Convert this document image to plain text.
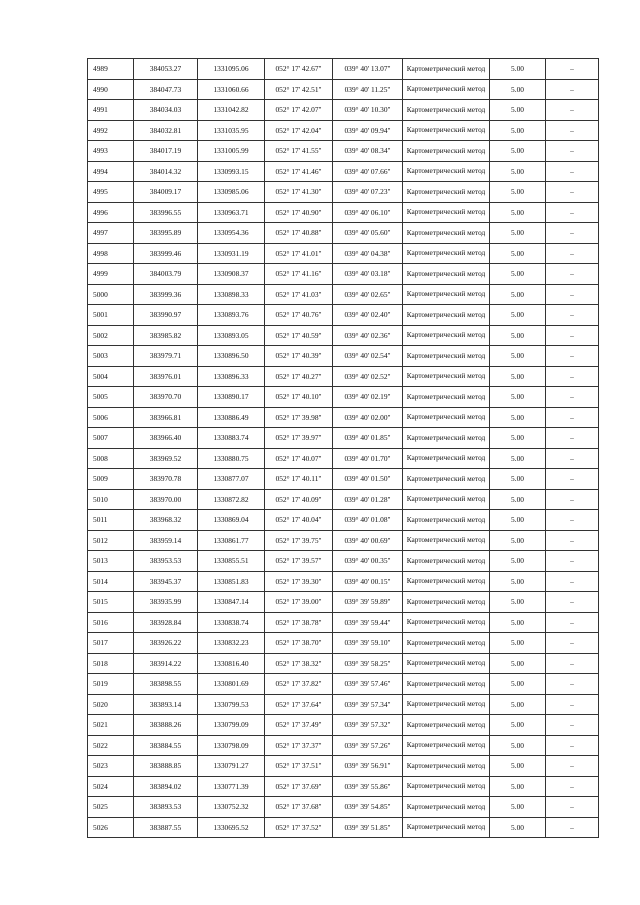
4989	384053.27	1331095.06	052° 17' 42.67"	039° 40' 13.07"	Картометрический метод	5.00	–
4990	384047.73	1331060.66	052° 17' 42.51"	039° 40' 11.25"	Картометрический метод	5.00	–
4991	384034.03	1331042.82	052° 17' 42.07"	039° 40' 10.30"	Картометрический метод	5.00	–
4992	384032.81	1331035.95	052° 17' 42.04"	039° 40' 09.94"	Картометрический метод	5.00	–
4993	384017.19	1331005.99	052° 17' 41.55"	039° 40' 08.34"	Картометрический метод	5.00	–
4994	384014.32	1330993.15	052° 17' 41.46"	039° 40' 07.66"	Картометрический метод	5.00	–
4995	384009.17	1330985.06	052° 17' 41.30"	039° 40' 07.23"	Картометрический метод	5.00	–
4996	383996.55	1330963.71	052° 17' 40.90"	039° 40' 06.10"	Картометрический метод	5.00	–
4997	383995.89	1330954.36	052° 17' 40.88"	039° 40' 05.60"	Картометрический метод	5.00	–
4998	383999.46	1330931.19	052° 17' 41.01"	039° 40' 04.38"	Картометрический метод	5.00	–
4999	384003.79	1330908.37	052° 17' 41.16"	039° 40' 03.18"	Картометрический метод	5.00	–
5000	383999.36	1330898.33	052° 17' 41.03"	039° 40' 02.65"	Картометрический метод	5.00	–
5001	383990.97	1330893.76	052° 17' 40.76"	039° 40' 02.40"	Картометрический метод	5.00	–
5002	383985.82	1330893.05	052° 17' 40.59"	039° 40' 02.36"	Картометрический метод	5.00	–
5003	383979.71	1330896.50	052° 17' 40.39"	039° 40' 02.54"	Картометрический метод	5.00	–
5004	383976.01	1330896.33	052° 17' 40.27"	039° 40' 02.52"	Картометрический метод	5.00	–
5005	383970.70	1330890.17	052° 17' 40.10"	039° 40' 02.19"	Картометрический метод	5.00	–
5006	383966.81	1330886.49	052° 17' 39.98"	039° 40' 02.00"	Картометрический метод	5.00	–
5007	383966.40	1330883.74	052° 17' 39.97"	039° 40' 01.85"	Картометрический метод	5.00	–
5008	383969.52	1330880.75	052° 17' 40.07"	039° 40' 01.70"	Картометрический метод	5.00	–
5009	383970.78	1330877.07	052° 17' 40.11"	039° 40' 01.50"	Картометрический метод	5.00	–
5010	383970.00	1330872.82	052° 17' 40.09"	039° 40' 01.28"	Картометрический метод	5.00	–
5011	383968.32	1330869.04	052° 17' 40.04"	039° 40' 01.08"	Картометрический метод	5.00	–
5012	383959.14	1330861.77	052° 17' 39.75"	039° 40' 00.69"	Картометрический метод	5.00	–
5013	383953.53	1330855.51	052° 17' 39.57"	039° 40' 00.35"	Картометрический метод	5.00	–
5014	383945.37	1330851.83	052° 17' 39.30"	039° 40' 00.15"	Картометрический метод	5.00	–
5015	383935.99	1330847.14	052° 17' 39.00"	039° 39' 59.89"	Картометрический метод	5.00	–
5016	383928.84	1330838.74	052° 17' 38.78"	039° 39' 59.44"	Картометрический метод	5.00	–
5017	383926.22	1330832.23	052° 17' 38.70"	039° 39' 59.10"	Картометрический метод	5.00	–
5018	383914.22	1330816.40	052° 17' 38.32"	039° 39' 58.25"	Картометрический метод	5.00	–
5019	383898.55	1330801.69	052° 17' 37.82"	039° 39' 57.46"	Картометрический метод	5.00	–
5020	383893.14	1330799.53	052° 17' 37.64"	039° 39' 57.34"	Картометрический метод	5.00	–
5021	383888.26	1330799.09	052° 17' 37.49"	039° 39' 57.32"	Картометрический метод	5.00	–
5022	383884.55	1330798.09	052° 17' 37.37"	039° 39' 57.26"	Картометрический метод	5.00	–
5023	383888.85	1330791.27	052° 17' 37.51"	039° 39' 56.91"	Картометрический метод	5.00	–
5024	383894.02	1330771.39	052° 17' 37.69"	039° 39' 55.86"	Картометрический метод	5.00	–
5025	383893.53	1330752.32	052° 17' 37.68"	039° 39' 54.85"	Картометрический метод	5.00	–
5026	383887.55	1330695.52	052° 17' 37.52"	039° 39' 51.85"	Картометрический метод	5.00	–
